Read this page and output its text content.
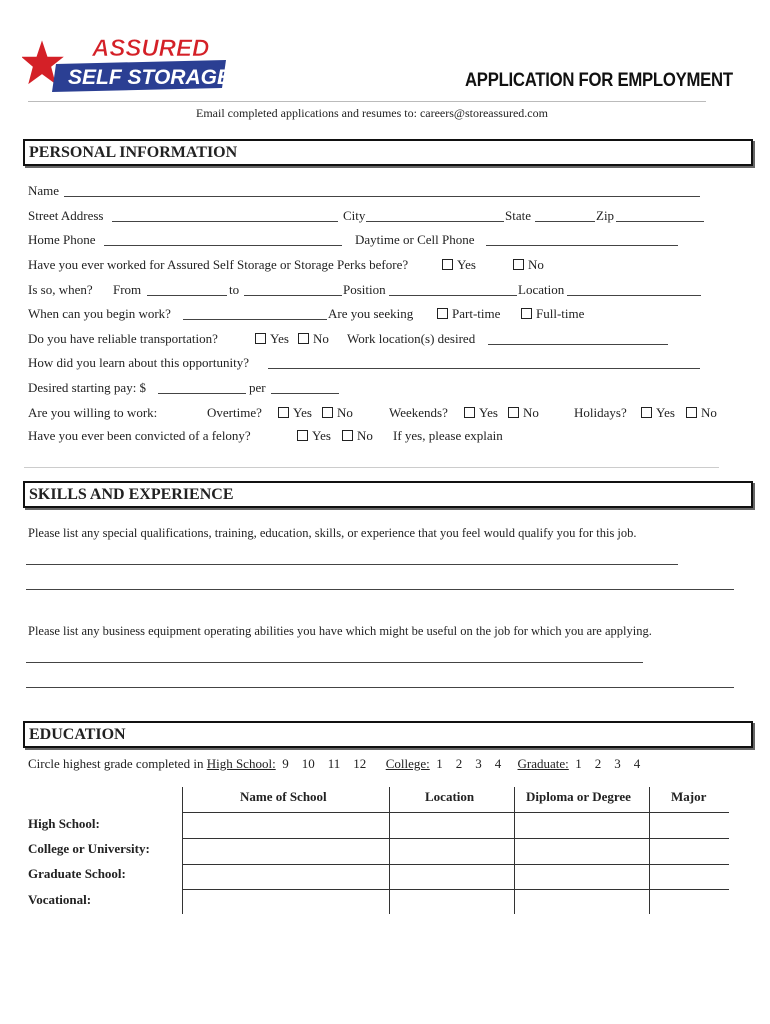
ASSURED
SELF STORAGE	APPLICATION FOR EMPLOYMENT
Email completed applications and resumes to: careers@storeassured.com
PERSONAL INFORMATION
Name
Street Address	City	State	Zip
Home Phone	Daytime or Cell Phone
Have you ever worked for Assured Self Storage or Storage Perks before?	Yes	No
Is so, when? From	to	Position	Location
When can you begin work?	Are you seeking	Part-time	Full-time
Do you have reliable transportation?	Yes	No Work location(s) desired
How did you learn about this opportunity?
Desired starting pay: $	per
Are you willing to work:	Overtime?	Yes	No	Weekends?	Yes	No	Holidays?	Yes	No
Have you ever been convicted of a felony?	Yes	No If yes, please explain
SKILLS AND EXPERIENCE
Please list any special qualifications, training, education, skills, or experience that you feel would qualify you for this job.
Please list any business equipment operating abilities you have which might be useful on the job for which you are applying.
EDUCATION
Circle highest grade completed in High School: 9    10    11    12 College: 1    2    3    4 Graduate: 1    2    3    4
Name of School	Location	Diploma or Degree	Major
High School:
College or University:
Graduate School:
Vocational:
